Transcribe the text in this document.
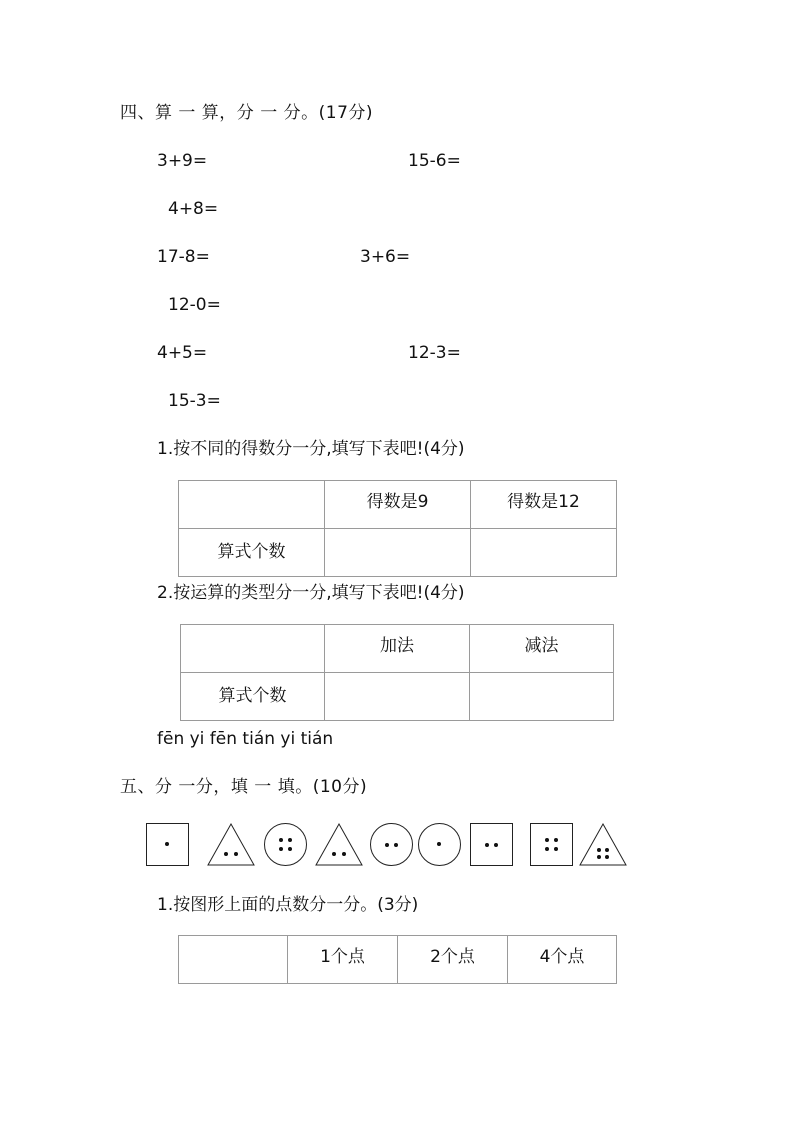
四、算 一 算，分 一 分。(17分)
3+9=	15-6=
4+8=
17-8=	3+6=
12-0=
4+5=	12-3=
15-3=
1.按不同的得数分一分,填写下表吧!(4分)

	得数是9	得数是12

算式个数		

2.按运算的类型分一分,填写下表吧!(4分)

	加法	减法

算式个数		

fēn yi fēn tián yi tián
五、分 一分，填 一 填。(10分)
1.按图形上面的点数分一分。(3分)

1个点	2个点	4个点
